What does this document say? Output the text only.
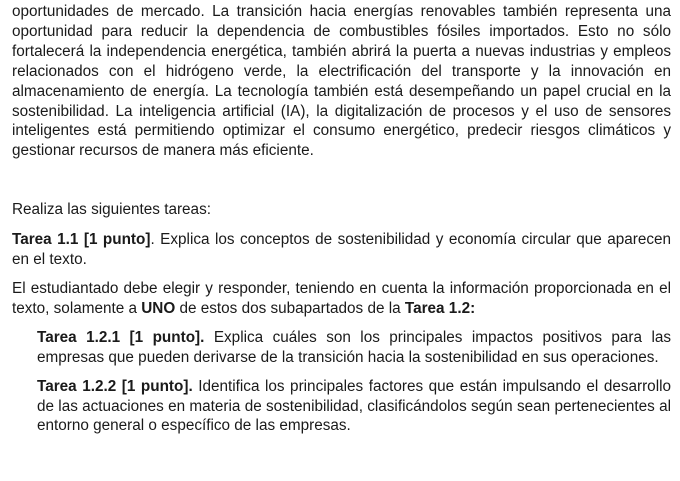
oportunidades de mercado. La transición hacia energías renovables también representa una oportunidad para reducir la dependencia de combustibles fósiles importados. Esto no sólo fortalecerá la independencia energética, también abrirá la puerta a nuevas industrias y empleos relacionados con el hidrógeno verde, la electrificación del transporte y la innovación en almacenamiento de energía. La tecnología también está desempeñando un papel crucial en la sostenibilidad. La inteligencia artificial (IA), la digitalización de procesos y el uso de sensores inteligentes está permitiendo optimizar el consumo energético, predecir riesgos climáticos y gestionar recursos de manera más eficiente.

Realiza las siguientes tareas:

Tarea 1.1 [1 punto]. Explica los conceptos de sostenibilidad y economía circular que aparecen en el texto.

El estudiantado debe elegir y responder, teniendo en cuenta la información proporcionada en el texto, solamente a UNO de estos dos subapartados de la Tarea 1.2:

Tarea 1.2.1 [1 punto]. Explica cuáles son los principales impactos positivos para las empresas que pueden derivarse de la transición hacia la sostenibilidad en sus operaciones.

Tarea 1.2.2 [1 punto]. Identifica los principales factores que están impulsando el desarrollo de las actuaciones en materia de sostenibilidad, clasificándolos según sean pertenecientes al entorno general o específico de las empresas.
